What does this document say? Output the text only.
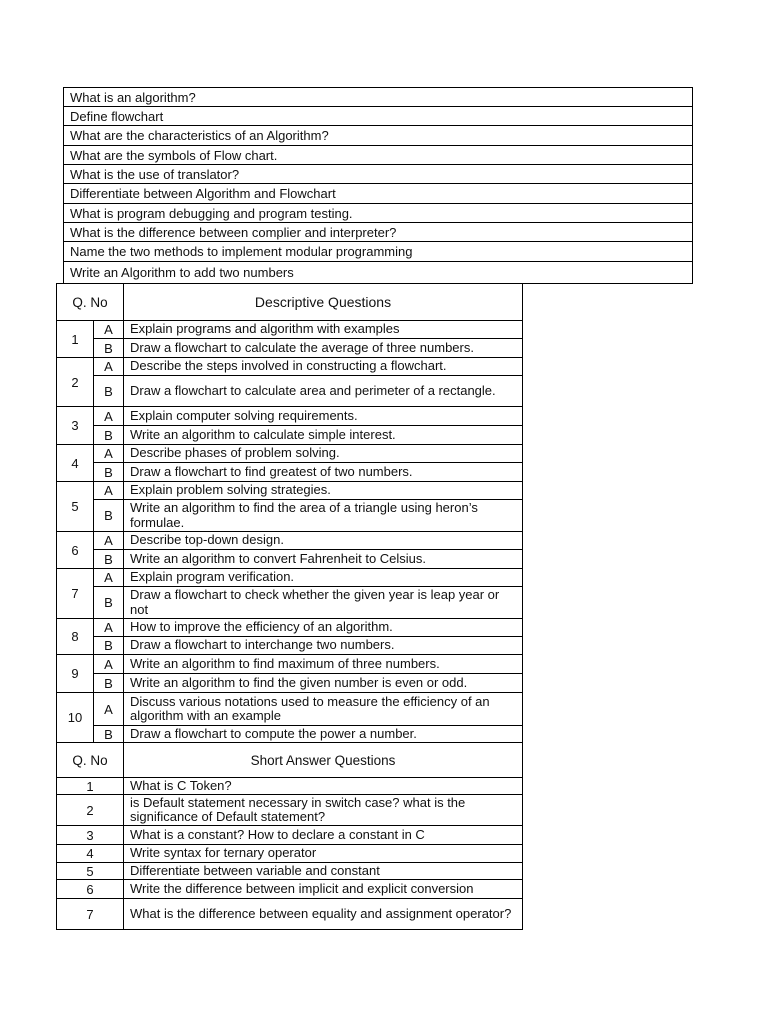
What is an algorithm?
Define flowchart
What are the characteristics of an Algorithm?
What are the symbols of Flow chart.
What is the use of translator?
Differentiate between Algorithm and Flowchart
What is program debugging and program testing.
What is the difference between complier and interpreter?
Name the two methods to implement modular programming
Write an Algorithm to add two numbers
Q. No		Descriptive Questions
1	A	Explain programs and algorithm with examples
	B	Draw a flowchart to calculate the average of three numbers.
2	A	Describe the steps involved in constructing a flowchart.
	B	Draw a flowchart to calculate area and perimeter of a rectangle.
3	A	Explain computer solving requirements.
	B	Write an algorithm to calculate simple interest.
4	A	Describe phases of problem solving.
	B	Draw a flowchart to find greatest of two numbers.
5	A	Explain problem solving strategies.
	B	Write an algorithm to find the area of a triangle using heron’s formulae.
6	A	Describe top-down design.
	B	Write an algorithm to convert Fahrenheit to Celsius.
7	A	Explain program verification.
	B	Draw a flowchart to check whether the given year is leap year or not
8	A	How to improve the efficiency of an algorithm.
	B	Draw a flowchart to interchange two numbers.
9	A	Write an algorithm to find maximum of three numbers.
	B	Write an algorithm to find the given number is even or odd.
10	A	Discuss various notations used to measure the efficiency of an algorithm with an example
	B	Draw a flowchart to compute the power a number.
Q. No	Short Answer Questions
1	What is C Token?
2	is Default statement necessary in switch case? what is the significance of Default statement?
3	What is a constant? How to declare a constant in C
4	Write syntax for ternary operator
5	Differentiate between variable and constant
6	Write the difference between implicit and explicit conversion
7	What is the difference between equality and assignment operator?
